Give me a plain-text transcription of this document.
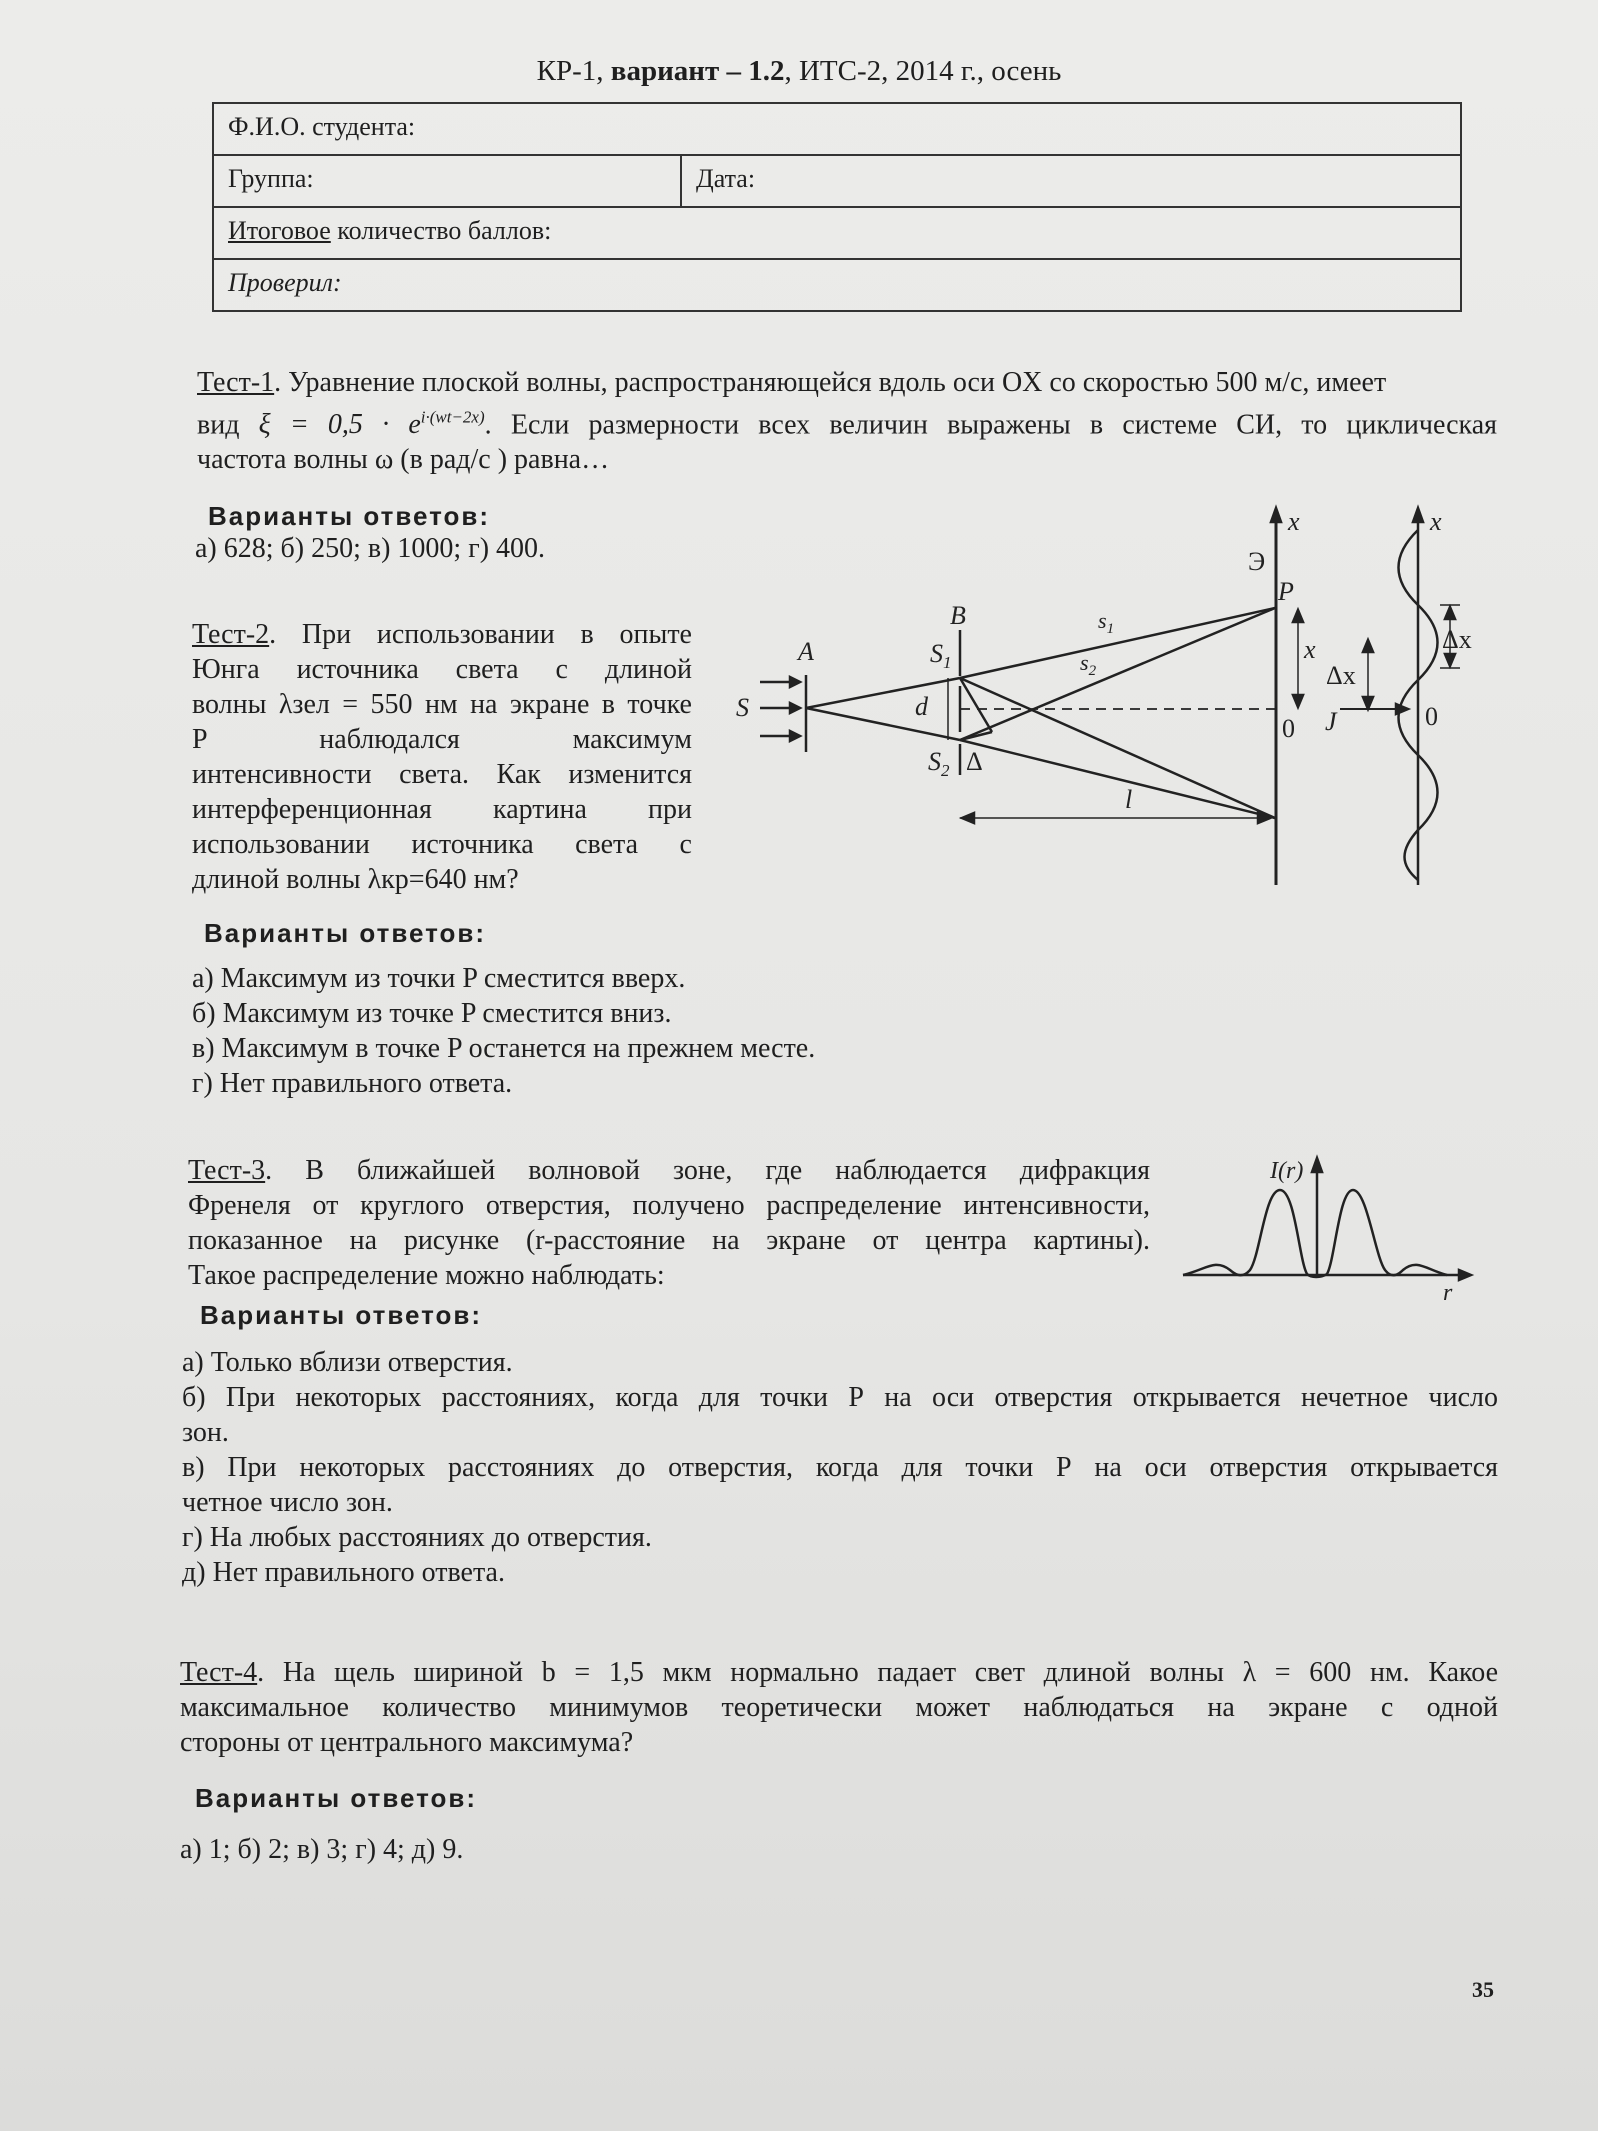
КР-1, вариант – 1.2, ИТС-2, 2014 г., осень
Ф.И.О. студента:
Группа:	Дата:
Итоговое количество баллов:
Проверил:
Тест-1. Уравнение плоской волны, распространяющейся вдоль оси OX со скоростью 500 м/с, имеет
вид $\xi = 0,5 \cdot e^{i\cdot(wt-2x)}$. Если размерности всех величин выражены в системе СИ, то циклическая
частота волны ω (в рад/с ) равна…
Варианты ответов:
а) 628; б) 250; в) 1000; г) 400.
Тест-2. При использовании в опыте
Юнга источника света с длиной
волны λзел = 550 нм на экране в точке
P наблюдался максимум
интенсивности света. Как изменится
интерференционная картина при
использовании источника света с
длиной волны λкр=640 нм?
A
B
S
$S_1$
$S_2$
d
Δ
$s_1$
$s_2$
l
x	x
Э
P
x
0	0
J
Δx
Δx
Варианты ответов:
а) Максимум из точки P сместится вверх.
б) Максимум из точке P сместится вниз.
в) Максимум в точке P останется на прежнем месте.
г) Нет правильного ответа.
Тест-3. В ближайшей волновой зоне, где наблюдается дифракция
Френеля от круглого отверстия, получено распределение интенсивности,
показанное на рисунке (r-расстояние на экране от центра картины).
Такое распределение можно наблюдать:
I(r)
r
Варианты ответов:
а) Только вблизи отверстия.
б) При некоторых расстояниях, когда для точки Р на оси отверстия открывается нечетное число
зон.
в) При некоторых расстояниях до отверстия, когда для точки Р на оси отверстия открывается
четное число зон.
г) На любых расстояниях до отверстия.
д) Нет правильного ответа.
Тест-4. На щель шириной b = 1,5 мкм нормально падает свет длиной волны λ = 600 нм. Какое
максимальное количество минимумов теоретически может наблюдаться на экране с одной
стороны от центрального максимума?
Варианты ответов:
а) 1; б) 2; в) 3; г) 4; д) 9.
35
